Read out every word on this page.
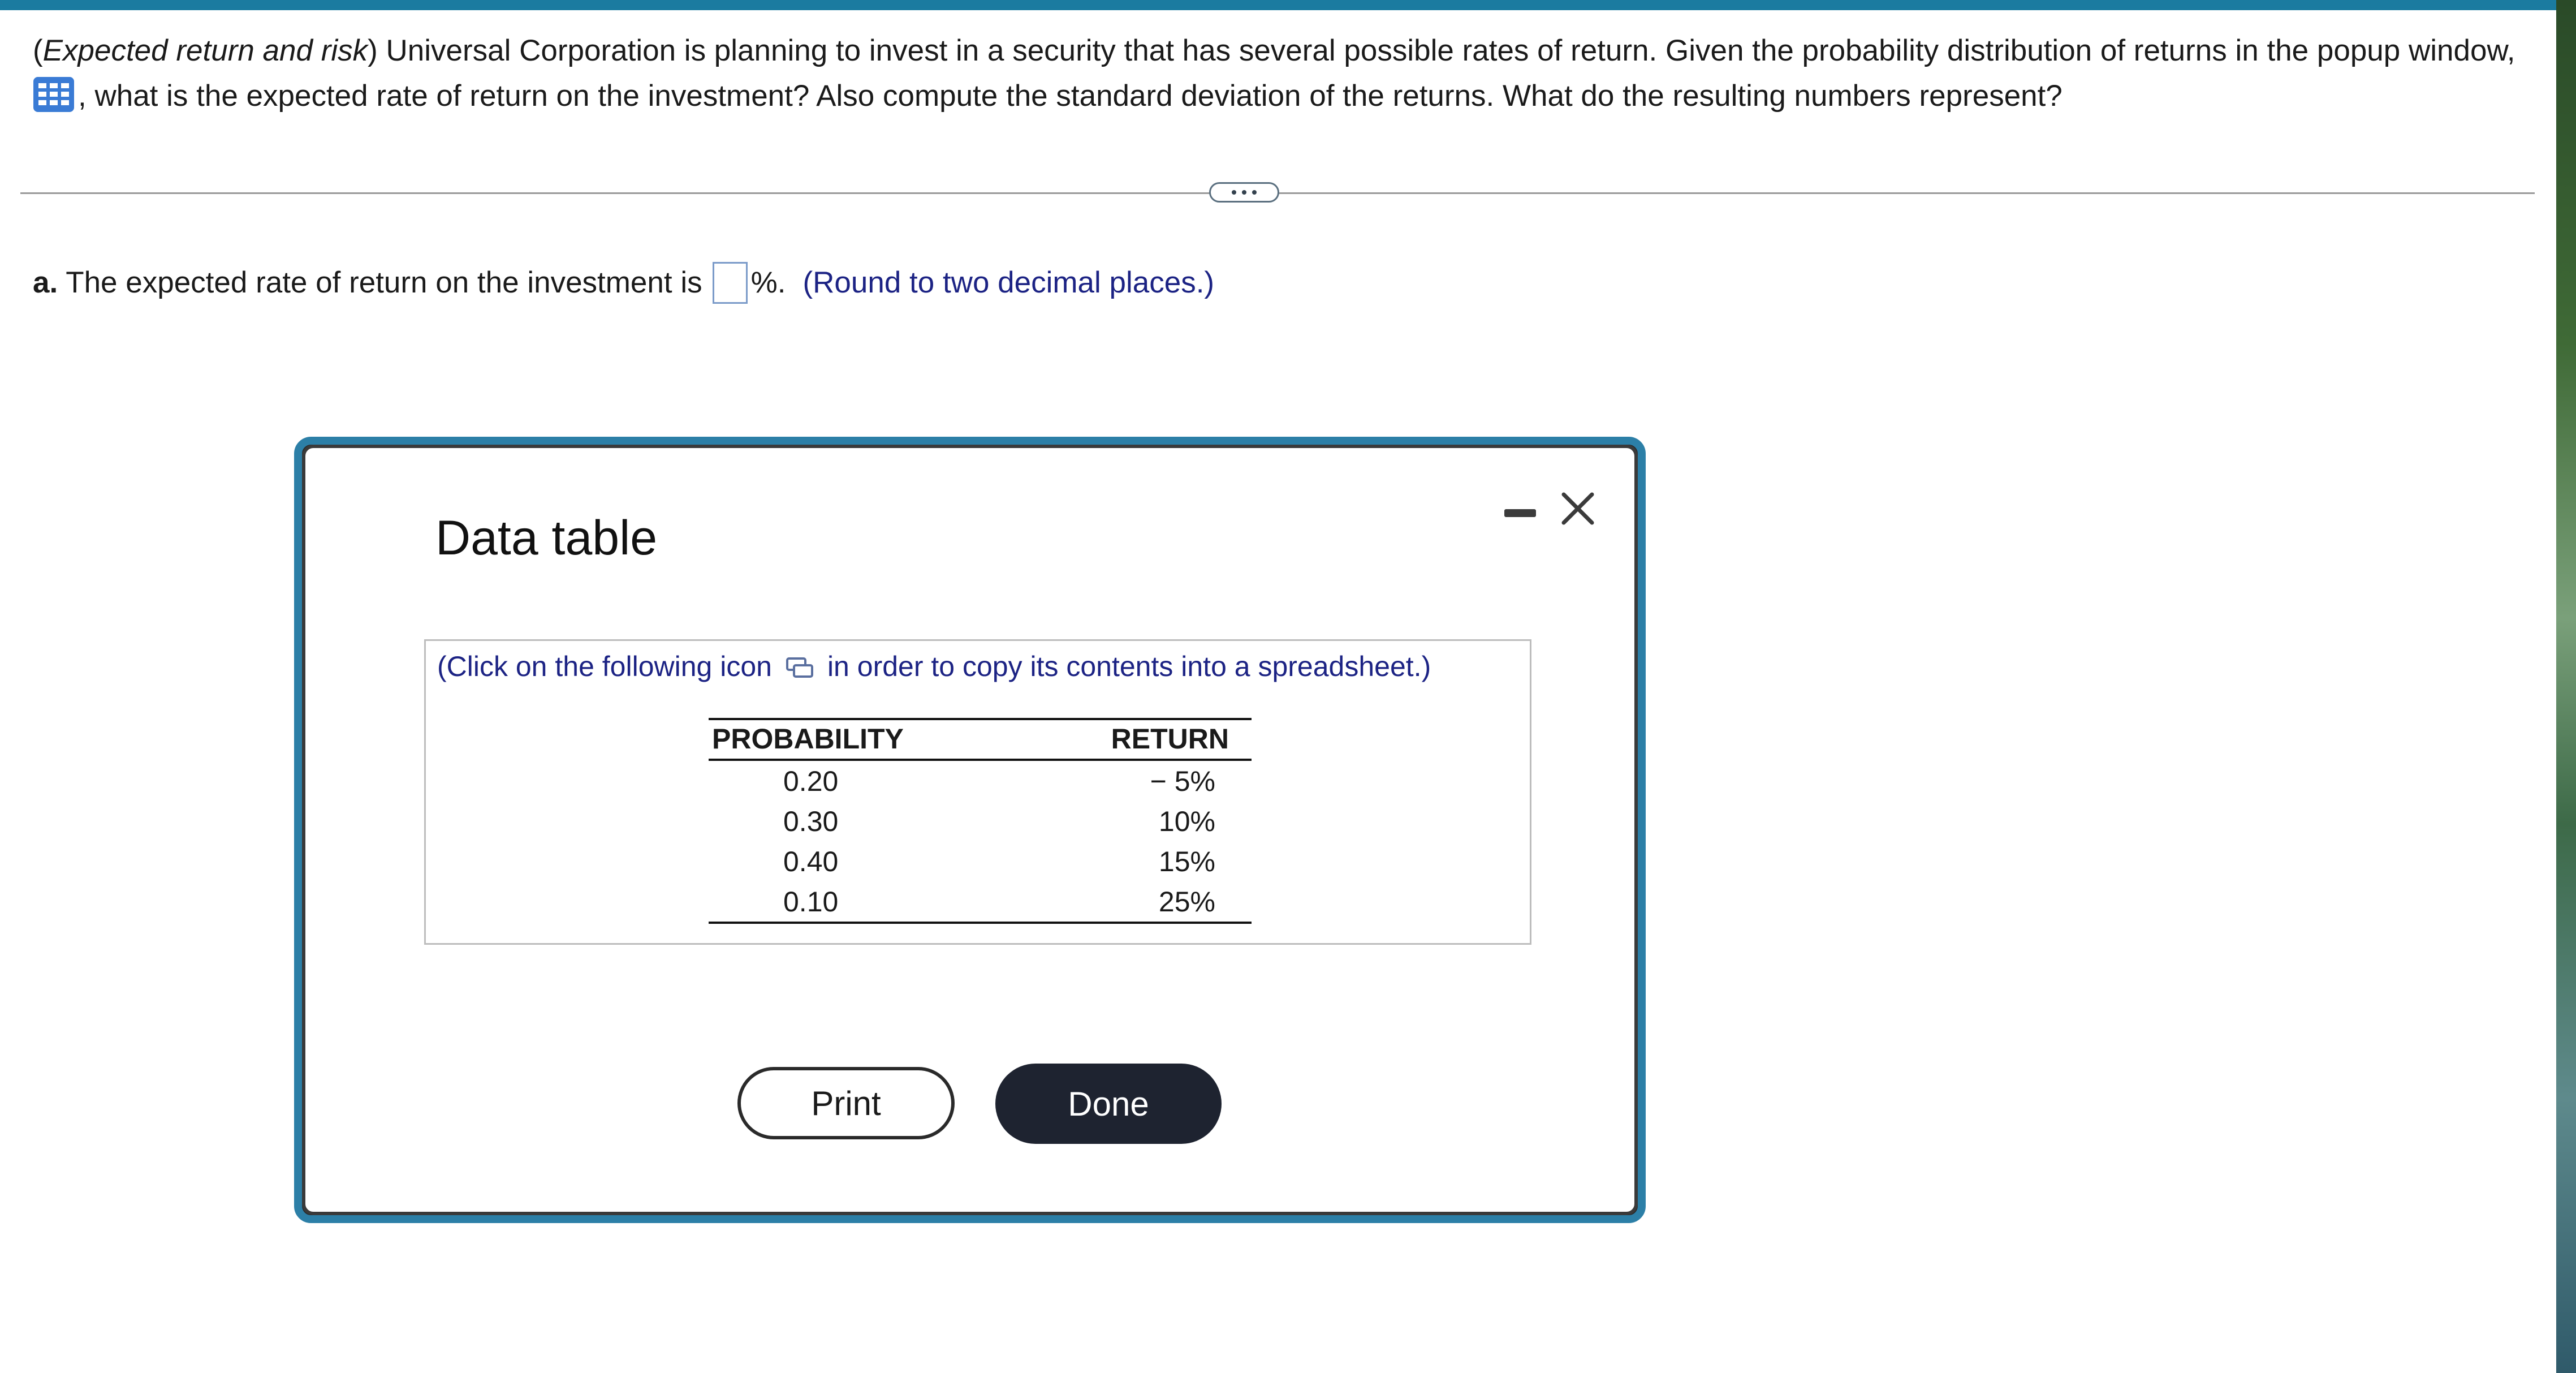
(Expected return and risk) Universal Corporation is planning to invest in a security that has several possible rates of return. Given the probability distribution of returns in the popup window,
, what is the expected rate of return on the investment? Also compute the standard deviation of the returns. What do the resulting numbers represent?
a. The expected rate of return on the investment is %. (Round to two decimal places.)
Data table
(Click on the following icon in order to copy its contents into a spreadsheet.)
PROBABILITY	RETURN
0.20	− 5%
0.30	10%
0.40	15%
0.10	25%
Print	Done
